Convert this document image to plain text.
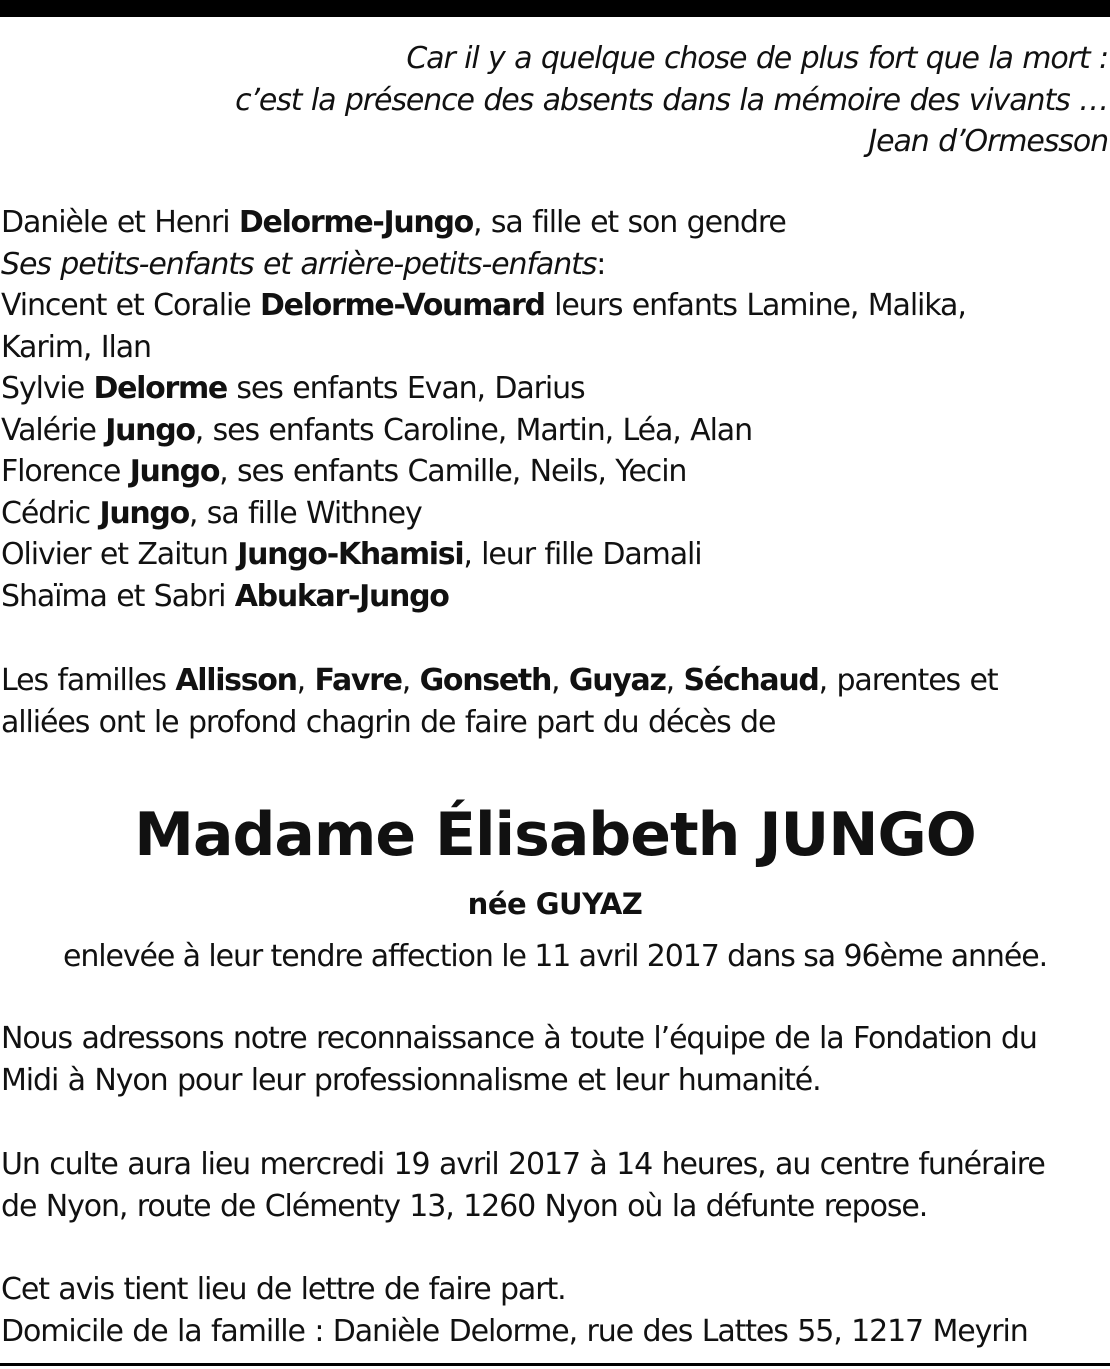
Car il y a quelque chose de plus fort que la mort :
c’est la présence des absents dans la mémoire des vivants …
Jean d’Ormesson
Danièle et Henri Delorme-Jungo, sa fille et son gendre
Ses petits-enfants et arrière-petits-enfants:
Vincent et Coralie Delorme-Voumard leurs enfants Lamine, Malika,
Karim, Ilan
Sylvie Delorme ses enfants Evan, Darius
Valérie Jungo, ses enfants Caroline, Martin, Léa, Alan
Florence Jungo, ses enfants Camille, Neils, Yecin
Cédric Jungo, sa fille Withney
Olivier et Zaitun Jungo-Khamisi, leur fille Damali
Shaïma et Sabri Abukar-Jungo
Les familles Allisson, Favre, Gonseth, Guyaz, Séchaud, parentes et
alliées ont le profond chagrin de faire part du décès de
Madame Élisabeth JUNGO
née GUYAZ
enlevée à leur tendre affection le 11 avril 2017 dans sa 96ème année.
Nous adressons notre reconnaissance à toute l’équipe de la Fondation du
Midi à Nyon pour leur professionnalisme et leur humanité.
Un culte aura lieu mercredi 19 avril 2017 à 14 heures, au centre funéraire
de Nyon, route de Clémenty 13, 1260 Nyon où la défunte repose.
Cet avis tient lieu de lettre de faire part.
Domicile de la famille : Danièle Delorme, rue des Lattes 55, 1217 Meyrin
